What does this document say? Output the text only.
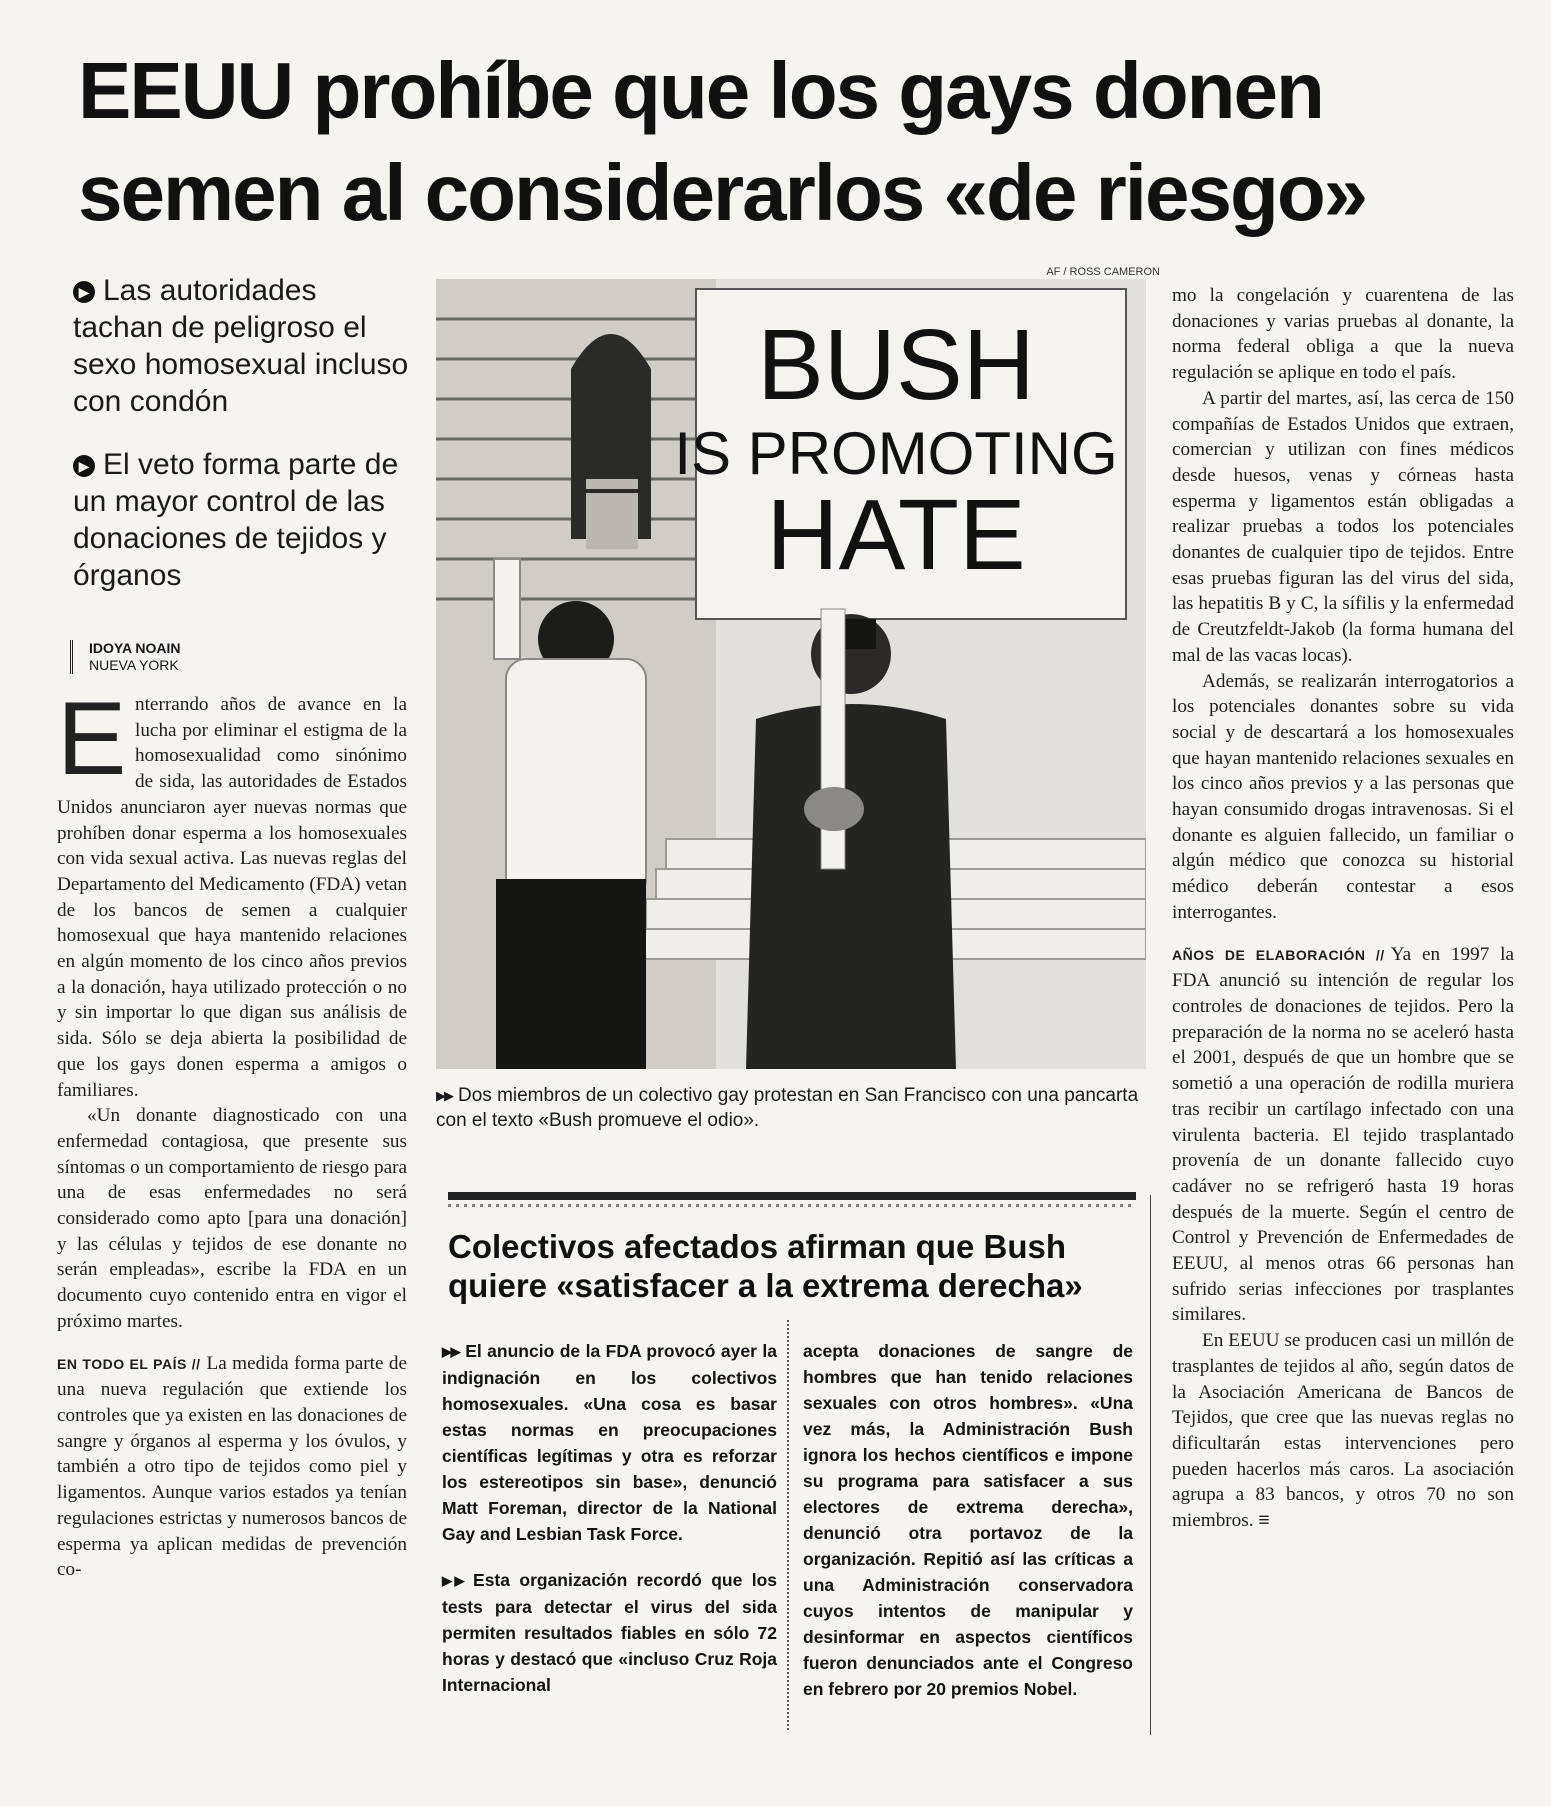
EEUU prohíbe que los gays donen
semen al considerarlos «de riesgo»
▶ Las autoridades tachan de peligroso el sexo homosexual incluso con condón
▶ El veto forma parte de un mayor control de las donaciones de tejidos y órganos
IDOYA NOAIN
NUEVA YORK

Enterrando años de avance en la lucha por eliminar el estigma de la homosexualidad como sinónimo de sida, las autoridades de Estados Unidos anunciaron ayer nuevas normas que prohíben donar esperma a los homosexuales con vida sexual activa. Las nuevas reglas del Departamento del Medicamento (FDA) vetan de los bancos de semen a cualquier homosexual que haya mantenido relaciones en algún momento de los cinco años previos a la donación, haya utilizado protección o no y sin importar lo que digan sus análisis de sida. Sólo se deja abierta la posibilidad de que los gays donen esperma a amigos o familiares.

«Un donante diagnosticado con una enfermedad contagiosa, que presente sus síntomas o un comportamiento de riesgo para una de esas enfermedades no será considerado como apto [para una donación] y las células y tejidos de ese donante no serán empleadas», escribe la FDA en un documento cuyo contenido entra en vigor el próximo martes.

EN TODO EL PAÍS // La medida forma parte de una nueva regulación que extiende los controles que ya existen en las donaciones de sangre y órganos al esperma y los óvulos, y también a otro tipo de tejidos como piel y ligamentos. Aunque varios estados ya tenían regulaciones estrictas y numerosos bancos de esperma ya aplican medidas de prevención co-

AF / ROSS CAMERON
BUSH
IS PROMOTING
HATE
▶▶ Dos miembros de un colectivo gay protestan en San Francisco con una pancarta con el texto «Bush promueve el odio».
Colectivos afectados afirman que Bush quiere «satisfacer a la extrema derecha»

▶▶ El anuncio de la FDA provocó ayer la indignación en los colectivos homosexuales. «Una cosa es basar estas normas en preocupaciones científicas legítimas y otra es reforzar los estereotipos sin base», denunció Matt Foreman, director de la National Gay and Lesbian Task Force.

▶▶ Esta organización recordó que los tests para detectar el virus del sida permiten resultados fiables en sólo 72 horas y destacó que «incluso Cruz Roja Internacional

acepta donaciones de sangre de hombres que han tenido relaciones sexuales con otros hombres». «Una vez más, la Administración Bush ignora los hechos científicos e impone su programa para satisfacer a sus electores de extrema derecha», denunció otra portavoz de la organización. Repitió así las críticas a una Administración conservadora cuyos intentos de manipular y desinformar en aspectos científicos fueron denunciados ante el Congreso en febrero por 20 premios Nobel.

mo la congelación y cuarentena de las donaciones y varias pruebas al donante, la norma federal obliga a que la nueva regulación se aplique en todo el país.

A partir del martes, así, las cerca de 150 compañías de Estados Unidos que extraen, comercian y utilizan con fines médicos desde huesos, venas y córneas hasta esperma y ligamentos están obligadas a realizar pruebas a todos los potenciales donantes de cualquier tipo de tejidos. Entre esas pruebas figuran las del virus del sida, las hepatitis B y C, la sífilis y la enfermedad de Creutzfeldt-Jakob (la forma humana del mal de las vacas locas).

Además, se realizarán interrogatorios a los potenciales donantes sobre su vida social y de descartará a los homosexuales que hayan mantenido relaciones sexuales en los cinco años previos y a las personas que hayan consumido drogas intravenosas. Si el donante es alguien fallecido, un familiar o algún médico que conozca su historial médico deberán contestar a esos interrogantes.

AÑOS DE ELABORACIÓN // Ya en 1997 la FDA anunció su intención de regular los controles de donaciones de tejidos. Pero la preparación de la norma no se aceleró hasta el 2001, después de que un hombre que se sometió a una operación de rodilla muriera tras recibir un cartílago infectado con una virulenta bacteria. El tejido trasplantado provenía de un donante fallecido cuyo cadáver no se refrigeró hasta 19 horas después de la muerte. Según el centro de Control y Prevención de Enfermedades de EEUU, al menos otras 66 personas han sufrido serias infecciones por trasplantes similares.

En EEUU se producen casi un millón de trasplantes de tejidos al año, según datos de la Asociación Americana de Bancos de Tejidos, que cree que las nuevas reglas no dificultarán estas intervenciones pero pueden hacerlos más caros. La asociación agrupa a 83 bancos, y otros 70 no son miembros. ≡
